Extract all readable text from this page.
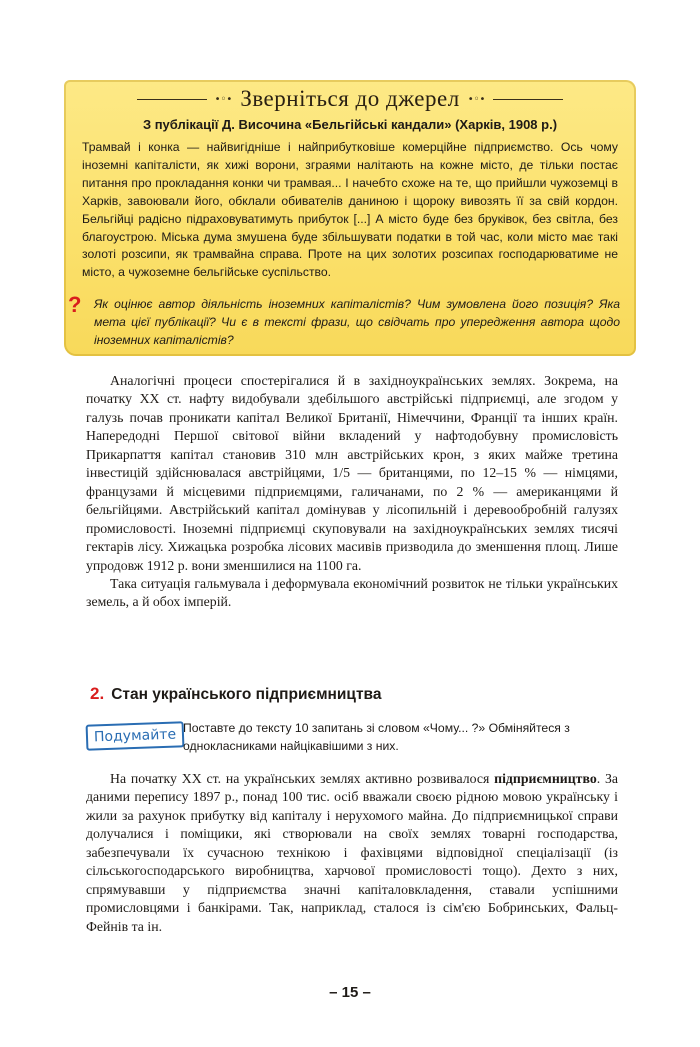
•◦• Зверніться до джерел •◦•
З публікації Д. Височина «Бельгійські кандали» (Харків, 1908 р.)
Трамвай і конка — найвигідніше і найприбутковіше комерційне підприємство. Ось чому іноземні капіталісти, як хижі ворони, зграями налітають на кожне місто, де тільки постає питання про прокладання конки чи трамвая... І начебто схоже на те, що прийшли чужоземці в Харків, завоювали його, обклали обивателів даниною і щороку вивозять її за свій кордон. Бельгійці радісно підраховуватимуть прибуток [...] А місто буде без бруківок, без світла, без благоустрою. Міська дума змушена буде збільшувати податки в той час, коли місто має такі золоті розсипи, як трамвайна справа. Проте на цих золотих розсипах господарюватиме не місто, а чужоземне бельгійське суспільство.
? Як оцінює автор діяльність іноземних капіталістів? Чим зумовлена його позиція? Яка мета цієї публікації? Чи є в тексті фрази, що свідчать про упередження автора щодо іноземних капіталістів?

Аналогічні процеси спостерігалися й в західноукраїнських землях. Зокрема, на початку XX ст. нафту видобували здебільшого австрійські підприємці, але згодом у галузь почав проникати капітал Великої Британії, Німеччини, Франції та інших країн. Напередодні Першої світової війни вкладений у нафтодобувну промисловість Прикарпаття капітал становив 310 млн австрійських крон, з яких майже третина інвестицій здійснювалася австрійцями, 1/5 — британцями, по 12–15 % — німцями, французами й місцевими підприємцями, галичанами, по 2 % — американцями й бельгійцями. Австрійський капітал домінував у лісопильній і деревообробній галузях промисловості. Іноземні підприємці скуповували на західноукраїнських землях тисячі гектарів лісу. Хижацька розробка лісових масивів призводила до зменшення площ. Лише упродовж 1912 р. вони зменшилися на 1100 га.

Така ситуація гальмувала і деформувала економічний розвиток не тільки українських земель, а й обох імперій.

2. Стан українського підприємництва
Подумайте Поставте до тексту 10 запитань зі словом «Чому... ?» Обміняйтеся з однокласниками найцікавішими з них.

На початку XX ст. на українських землях активно розвивалося підприємництво. За даними перепису 1897 р., понад 100 тис. осіб вважали своєю рідною мовою українську і жили за рахунок прибутку від капіталу і нерухомого майна. До підприємницької справи долучалися і поміщики, які створювали на своїх землях товарні господарства, забезпечували їх сучасною технікою і фахівцями відповідної спеціалізації (із сільськогосподарського виробництва, харчової промисловості тощо). Дехто з них, спрямувавши у підприємства значні капіталовкладення, ставали успішними промисловцями і банкірами. Так, наприклад, сталося із сім'єю Бобринських, Фальц-Фейнів та ін.

– 15 –
